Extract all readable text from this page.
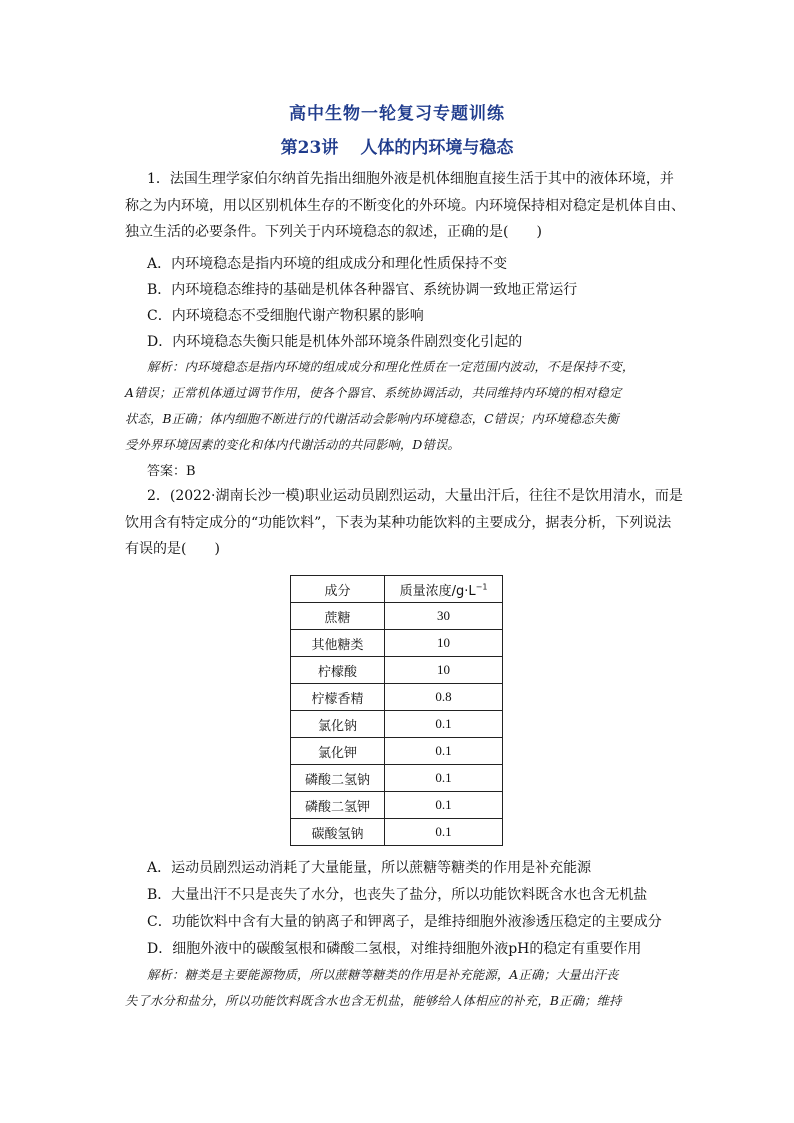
高中生物一轮复习专题训练
第23讲 人体的内环境与稳态
1．法国生理学家伯尔纳首先指出细胞外液是机体细胞直接生活于其中的液体环境，并
称之为内环境，用以区别机体生存的不断变化的外环境。内环境保持相对稳定是机体自由、
独立生活的必要条件。下列关于内环境稳态的叙述，正确的是(　　)
A．内环境稳态是指内环境的组成成分和理化性质保持不变
B．内环境稳态维持的基础是机体各种器官、系统协调一致地正常运行
C．内环境稳态不受细胞代谢产物积累的影响
D．内环境稳态失衡只能是机体外部环境条件剧烈变化引起的
解析：内环境稳态是指内环境的组成成分和理化性质在一定范围内波动，不是保持不变，
A错误；正常机体通过调节作用，使各个器官、系统协调活动，共同维持内环境的相对稳定
状态，B正确；体内细胞不断进行的代谢活动会影响内环境稳态，C错误；内环境稳态失衡
受外界环境因素的变化和体内代谢活动的共同影响，D错误。
答案：B
2．(2022·湖南长沙一模)职业运动员剧烈运动，大量出汗后，往往不是饮用清水，而是
饮用含有特定成分的“功能饮料”，下表为某种功能饮料的主要成分，据表分析，下列说法
有误的是(　　)
成分	质量浓度$/g\cdot L^{-1}$
蔗糖	30
其他糖类	10
柠檬酸	10
柠檬香精	0.8
氯化钠	0.1
氯化钾	0.1
磷酸二氢钠	0.1
磷酸二氢钾	0.1
碳酸氢钠	0.1
A．运动员剧烈运动消耗了大量能量，所以蔗糖等糖类的作用是补充能源
B．大量出汗不只是丧失了水分，也丧失了盐分，所以功能饮料既含水也含无机盐
C．功能饮料中含有大量的钠离子和钾离子，是维持细胞外液渗透压稳定的主要成分
D．细胞外液中的碳酸氢根和磷酸二氢根，对维持细胞外液pH的稳定有重要作用
解析：糖类是主要能源物质，所以蔗糖等糖类的作用是补充能源，A正确；大量出汗丧
失了水分和盐分，所以功能饮料既含水也含无机盐，能够给人体相应的补充，B正确；维持
